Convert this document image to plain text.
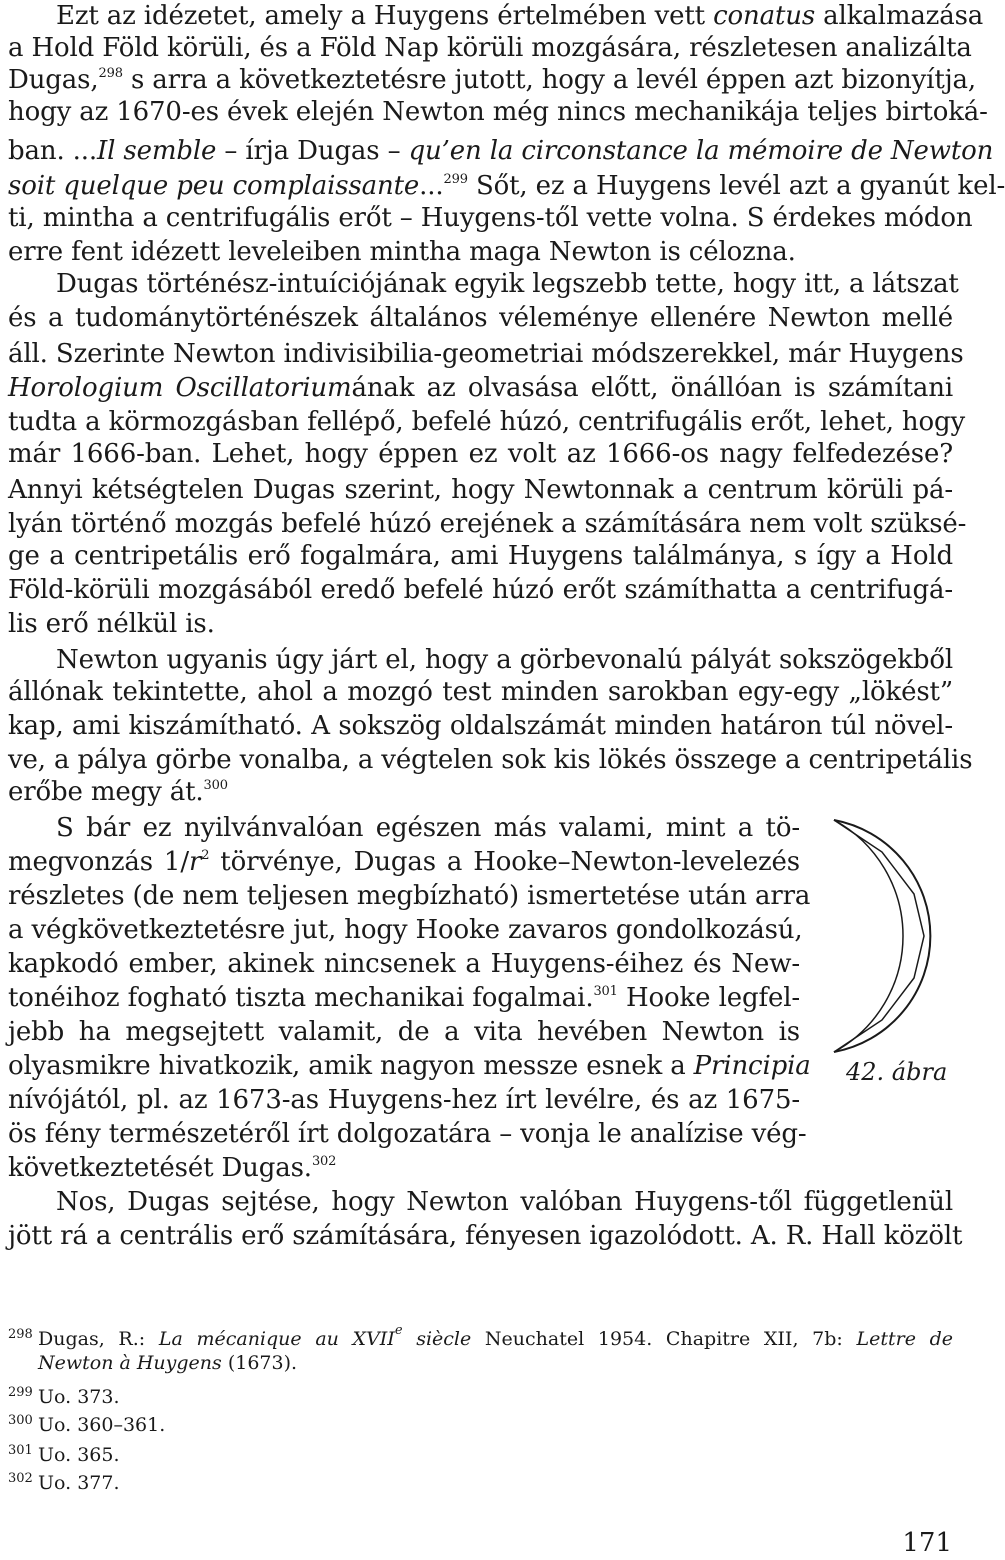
Ezt az idézetet, amely a Huygens értelmében vett conatus alkalmazása
a Hold Föld körüli, és a Föld Nap körüli mozgására, részletesen analizálta
Dugas,$^{298}$ s arra a következtetésre jutott, hogy a levél éppen azt bizonyítja,
hogy az 1670-es évek elején Newton még nincs mechanikája teljes birtoká-
ban. ...Il semble – írja Dugas – qu’en la circonstance la mémoire de Newton
soit quelque peu complaissante...$^{299}$ Sőt, ez a Huygens levél azt a gyanút kel-
ti, mintha a centrifugális erőt – Huygens-től vette volna. S érdekes módon
erre fent idézett leveleiben mintha maga Newton is célozna.
Dugas történész-intuíciójának egyik legszebb tette, hogy itt, a látszat
és a tudománytörténészek általános véleménye ellenére Newton mellé
áll. Szerinte Newton indivisibilia-geometriai módszerekkel, már Huygens
Horologium Oscillatoriumának az olvasása előtt, önállóan is számítani
tudta a körmozgásban fellépő, befelé húzó, centrifugális erőt, lehet, hogy
már 1666-ban. Lehet, hogy éppen ez volt az 1666-os nagy felfedezése?
Annyi kétségtelen Dugas szerint, hogy Newtonnak a centrum körüli pá-
lyán történő mozgás befelé húzó erejének a számítására nem volt szüksé-
ge a centripetális erő fogalmára, ami Huygens találmánya, s így a Hold
Föld-körüli mozgásából eredő befelé húzó erőt számíthatta a centrifugá-
lis erő nélkül is.
Newton ugyanis úgy járt el, hogy a görbevonalú pályát sokszögekből
állónak tekintette, ahol a mozgó test minden sarokban egy-egy „lökést”
kap, ami kiszámítható. A sokszög oldalszámát minden határon túl növel-
ve, a pálya görbe vonalba, a végtelen sok kis lökés összege a centripetális
erőbe megy át.$^{300}$
S bár ez nyilvánvalóan egészen más valami, mint a tö-
megvonzás $1/r^2$ törvénye, Dugas a Hooke–Newton-levelezés
részletes (de nem teljesen megbízható) ismertetése után arra
a végkövetkeztetésre jut, hogy Hooke zavaros gondolkozású,
kapkodó ember, akinek nincsenek a Huygens-éihez és New-
tonéihoz fogható tiszta mechanikai fogalmai.$^{301}$ Hooke legfel-
jebb ha megsejtett valamit, de a vita hevében Newton is
olyasmikre hivatkozik, amik nagyon messze esnek a Principia
nívójától, pl. az 1673-as Huygens-hez írt levélre, és az 1675-
ös fény természetéről írt dolgozatára – vonja le analízise vég-
következtetését Dugas.$^{302}$
Nos, Dugas sejtése, hogy Newton valóban Huygens-től függetlenül
jött rá a centrális erő számítására, fényesen igazolódott. A. R. Hall közölt
42. ábra
298 Dugas, R.: La mécanique au XVIIe siècle Neuchatel 1954. Chapitre XII, 7b: Lettre de
Newton à Huygens (1673).
299 Uo. 373.
300 Uo. 360–361.
301 Uo. 365.
302 Uo. 377.
171
